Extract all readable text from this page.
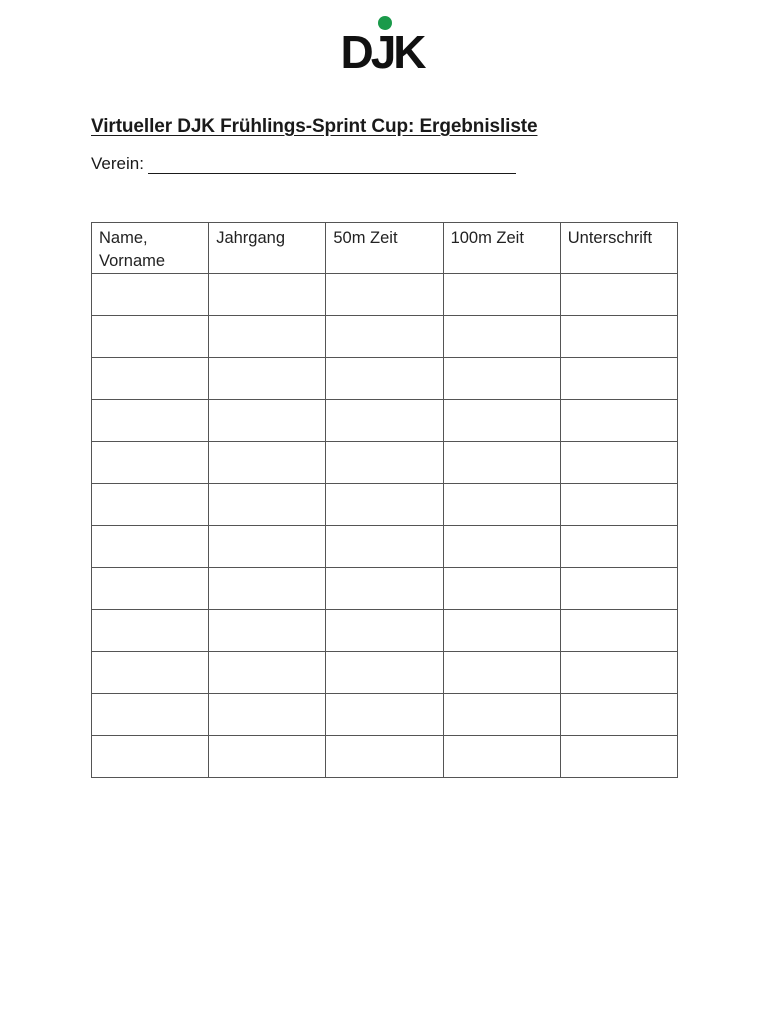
DJK
Virtueller DJK Frühlings-Sprint Cup: Ergebnisliste
Verein:
Name, Vorname	Jahrgang	50m Zeit	100m Zeit	Unterschrift
